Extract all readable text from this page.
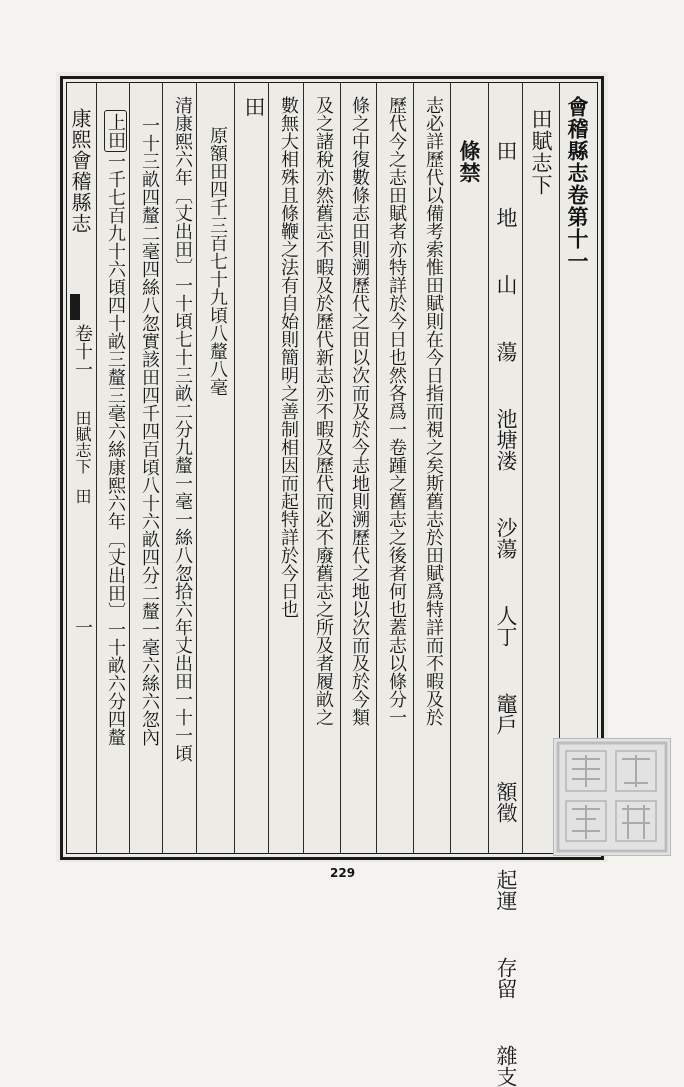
會稽縣志卷第十一
田賦志下
田 地 山 蕩 池塘溇 沙蕩 人丁 竈戶 額徵 起運 存留 雜支
條禁
志必詳歷代以備考索惟田賦則在今日指而視之矣斯舊志於田賦爲特詳而不暇及於
歷代今之志田賦者亦特詳於今日也然各爲一卷踵之舊志之後者何也蓋志以條分一
條之中復數條志田則溯歷代之田以次而及於今志地則溯歷代之地以次而及於今類
及之諸稅亦然舊志不暇及於歷代新志亦不暇及歷代而必不廢舊志之所及者履畝之
數無大相殊且條鞭之法有自始則簡明之善制相因而起特詳於今日也
田
原額田四千三百七十九頃八釐八毫
清康熙六年〔丈出田〕一十頃七十三畝二分九釐一毫一絲八忽拾六年丈出田一十一頃
一十三畝四釐二毫四絲八忽實該田四千四百頃八十六畝四分二釐一毫六絲六忽內
上田一千七百九十六頃四十畝三釐三毫六絲康熙六年〔丈出田〕一十畝六分四釐
康熙會稽縣志
卷十一
田賦志下
田
一
229
